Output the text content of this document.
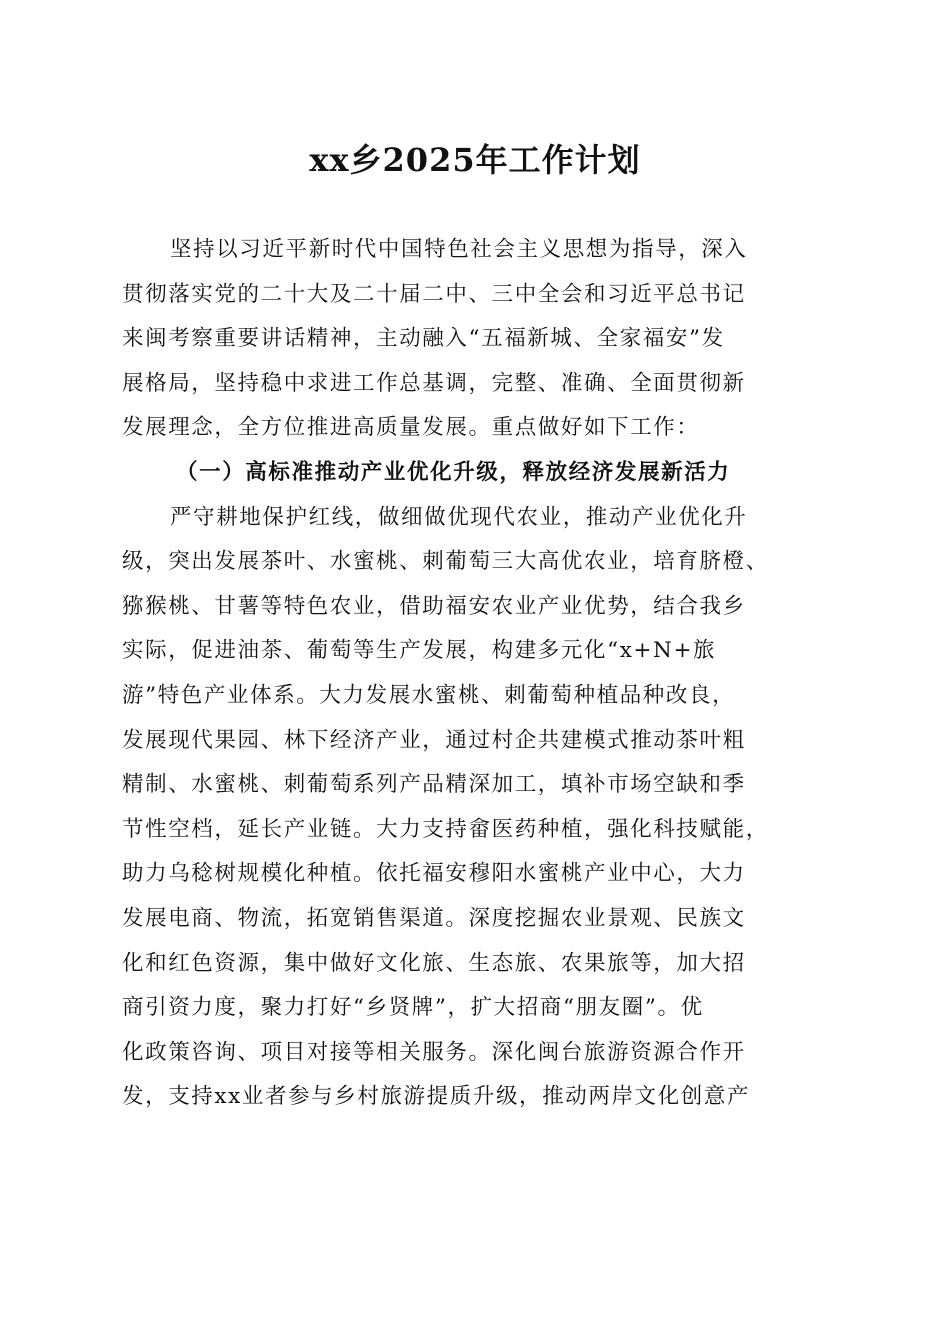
xx乡2025年工作计划
坚持以习近平新时代中国特色社会主义思想为指导，深入
贯彻落实党的二十大及二十届二中、三中全会和习近平总书记
来闽考察重要讲话精神，主动融入“五福新城、全家福安”发
展格局，坚持稳中求进工作总基调，完整、准确、全面贯彻新
发展理念，全方位推进高质量发展。重点做好如下工作：
（一）高标准推动产业优化升级，释放经济发展新活力
严守耕地保护红线，做细做优现代农业，推动产业优化升
级，突出发展茶叶、水蜜桃、刺葡萄三大高优农业，培育脐橙、
猕猴桃、甘薯等特色农业，借助福安农业产业优势，结合我乡
实际，促进油茶、葡萄等生产发展，构建多元化“x+N+旅
游”特色产业体系。大力发展水蜜桃、刺葡萄种植品种改良，
发展现代果园、林下经济产业，通过村企共建模式推动茶叶粗
精制、水蜜桃、刺葡萄系列产品精深加工，填补市场空缺和季
节性空档，延长产业链。大力支持畲医药种植，强化科技赋能，
助力乌稔树规模化种植。依托福安穆阳水蜜桃产业中心，大力
发展电商、物流，拓宽销售渠道。深度挖掘农业景观、民族文
化和红色资源，集中做好文化旅、生态旅、农果旅等，加大招
商引资力度，聚力打好“乡贤牌”，扩大招商“朋友圈”。优
化政策咨询、项目对接等相关服务。深化闽台旅游资源合作开
发，支持xx业者参与乡村旅游提质升级，推动两岸文化创意产
